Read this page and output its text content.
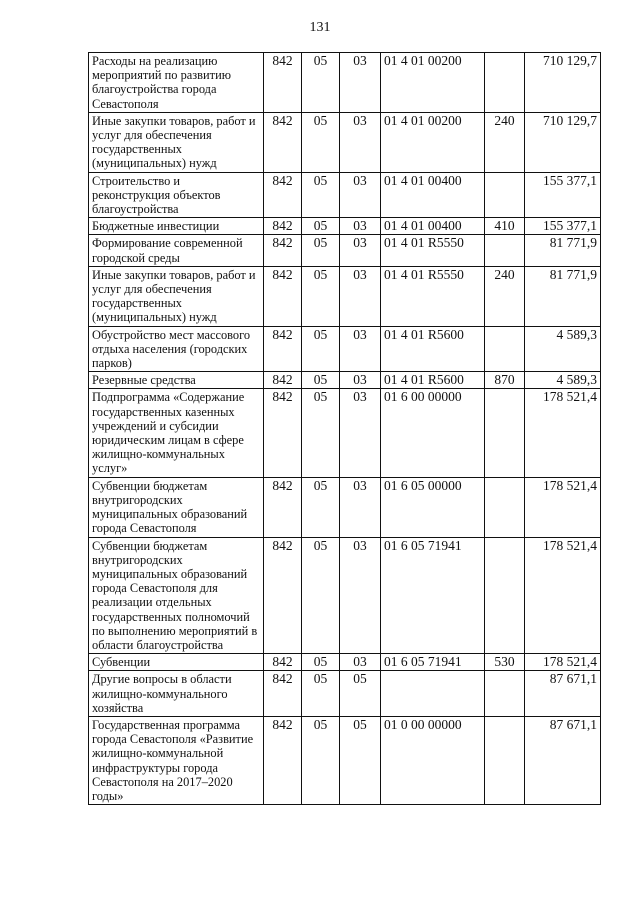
131
Расходы на реализацию мероприятий по развитию благоустройства города Севастополя	842	05	03	01 4 01 00200		710 129,7
Иные закупки товаров, работ и услуг для обеспечения государственных (муниципальных) нужд	842	05	03	01 4 01 00200	240	710 129,7
Строительство и реконструкция объектов благоустройства	842	05	03	01 4 01 00400		155 377,1
Бюджетные инвестиции	842	05	03	01 4 01 00400	410	155 377,1
Формирование современной городской среды	842	05	03	01 4 01 R5550		81 771,9
Иные закупки товаров, работ и услуг для обеспечения государственных (муниципальных) нужд	842	05	03	01 4 01 R5550	240	81 771,9
Обустройство мест массового отдыха населения (городских парков)	842	05	03	01 4 01 R5600		4 589,3
Резервные средства	842	05	03	01 4 01 R5600	870	4 589,3
Подпрограмма «Содержание государственных казенных учреждений и субсидии юридическим лицам в сфере жилищно-коммунальных услуг»	842	05	03	01 6 00 00000		178 521,4
Субвенции бюджетам внутригородских муниципальных образований города Севастополя	842	05	03	01 6 05 00000		178 521,4
Субвенции бюджетам внутригородских муниципальных образований города Севастополя для реализации отдельных государственных полномочий по выполнению мероприятий в области благоустройства	842	05	03	01 6 05 71941		178 521,4
Субвенции	842	05	03	01 6 05 71941	530	178 521,4
Другие вопросы в области жилищно-коммунального хозяйства	842	05	05			87 671,1
Государственная программа города Севастополя «Развитие жилищно-коммунальной инфраструктуры города Севастополя на 2017–2020 годы»	842	05	05	01 0 00 00000		87 671,1
